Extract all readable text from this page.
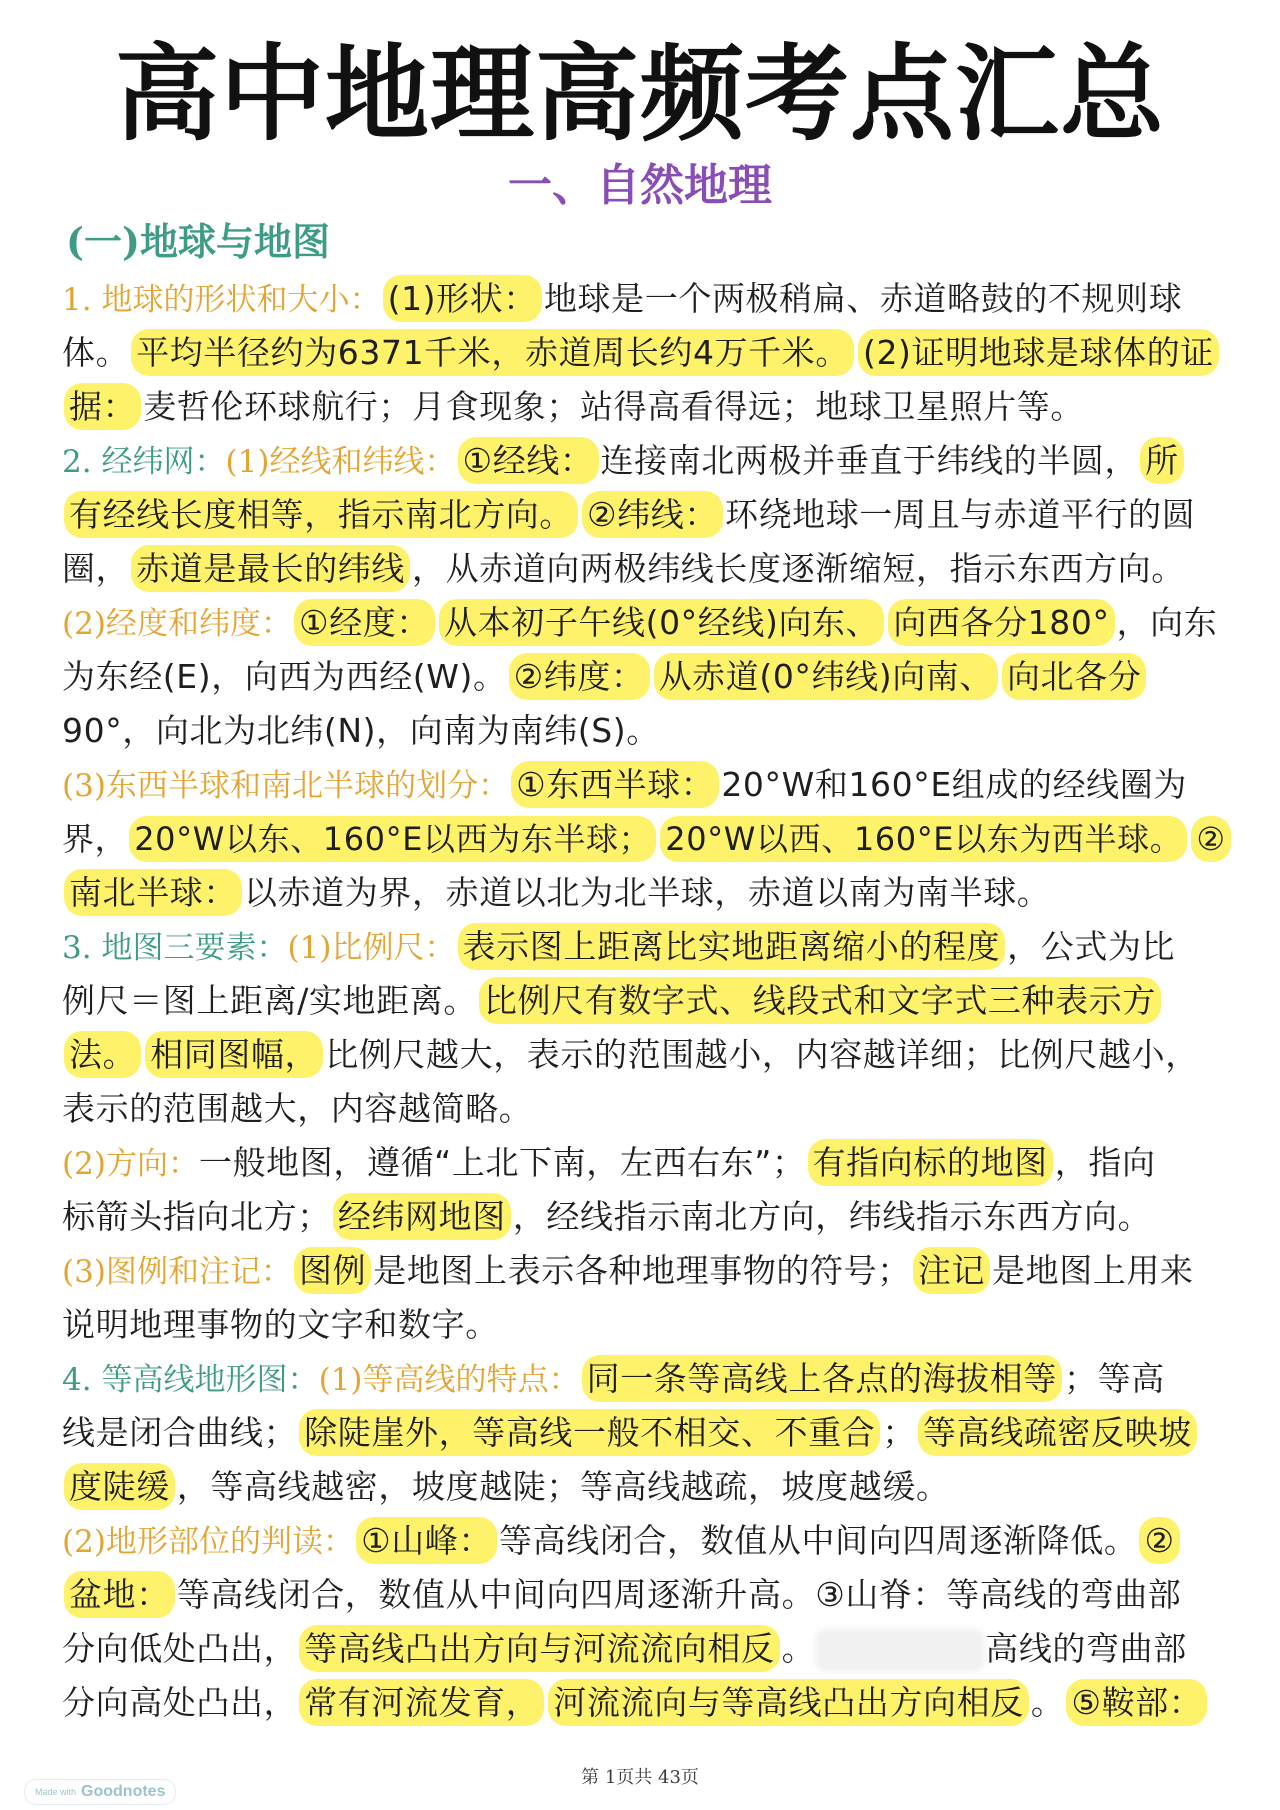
高中地理高频考点汇总
一、自然地理
(一)地球与地图
1. 地球的形状和大小： (1)形状： 地球是一个两极稍扁、赤道略鼓的不规则球
体。 平均半径约为6371千米，赤道周长约4万千米。 (2)证明地球是球体的证
据： 麦哲伦环球航行；月食现象；站得高看得远；地球卫星照片等。
2. 经纬网：(1)经线和纬线： ①经线： 连接南北两极并垂直于纬线的半圆， 所
有经线长度相等，指示南北方向。 ②纬线： 环绕地球一周且与赤道平行的圆
圈， 赤道是最长的纬线 ，从赤道向两极纬线长度逐渐缩短，指示东西方向。
(2)经度和纬度： ①经度： 从本初子午线(0°经线)向东、 向西各分180° ，向东
为东经(E)，向西为西经(W)。 ②纬度： 从赤道(0°纬线)向南、 向北各分
90°，向北为北纬(N)，向南为南纬(S)。
(3)东西半球和南北半球的划分： ①东西半球： 20°W和160°E组成的经线圈为
界， 20°W以东、160°E以西为东半球； 20°W以西、160°E以东为西半球。 ②
南北半球： 以赤道为界，赤道以北为北半球，赤道以南为南半球。
3. 地图三要素：(1)比例尺： 表示图上距离比实地距离缩小的程度 ，公式为比
例尺＝图上距离/实地距离。 比例尺有数字式、线段式和文字式三种表示方
法。 相同图幅， 比例尺越大，表示的范围越小，内容越详细；比例尺越小，
表示的范围越大，内容越简略。
(2)方向：一般地图，遵循“上北下南，左西右东”； 有指向标的地图 ，指向
标箭头指向北方； 经纬网地图 ，经线指示南北方向，纬线指示东西方向。
(3)图例和注记： 图例 是地图上表示各种地理事物的符号； 注记 是地图上用来
说明地理事物的文字和数字。
4. 等高线地形图：(1)等高线的特点： 同一条等高线上各点的海拔相等 ；等高
线是闭合曲线； 除陡崖外，等高线一般不相交、不重合 ； 等高线疏密反映坡
度陡缓 ，等高线越密，坡度越陡；等高线越疏，坡度越缓。
(2)地形部位的判读： ①山峰： 等高线闭合，数值从中间向四周逐渐降低。 ②
盆地： 等高线闭合，数值从中间向四周逐渐升高。③山脊：等高线的弯曲部
分向低处凸出， 等高线凸出方向与河流流向相反 。	高线的弯曲部
分向高处凸出， 常有河流发育， 河流流向与等高线凸出方向相反 。 ⑤鞍部：
第 1页共 43页
Made with Goodnotes
